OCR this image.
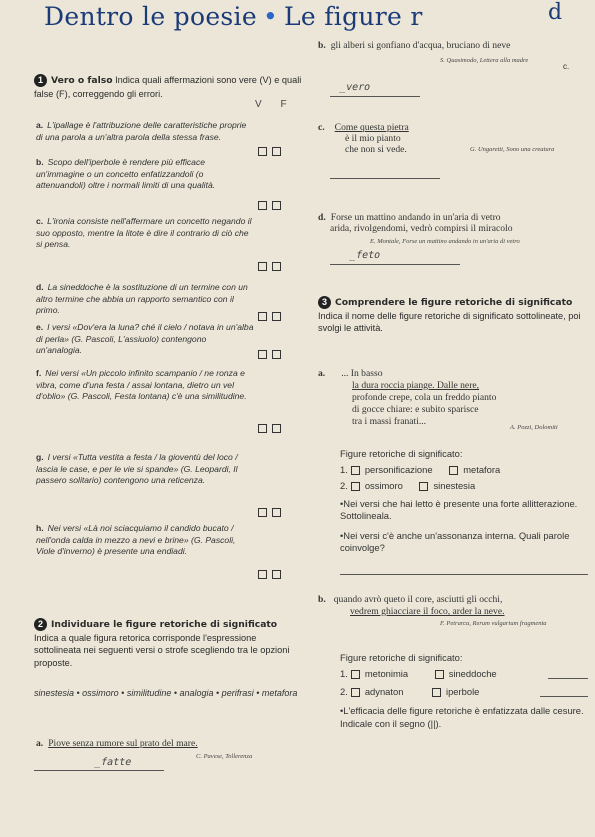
Dentro le poesie • Le figure r	d
1 Vero o falso Indica quali affermazioni sono vere (V) e quali false (F), correggendo gli errori.
V F
a. L'ipallage è l'attribuzione delle caratteristiche proprie di una parola a un'altra parola della stessa frase.
b. Scopo dell'iperbole è rendere più efficace un'immagine o un concetto enfatizzandoli (o attenuandoli) oltre i normali limiti di una qualità.
c. L'ironia consiste nell'affermare un concetto negando il suo opposto, mentre la litote è dire il contrario di ciò che si pensa.
d. La sineddoche è la sostituzione di un termine con un altro termine che abbia un rapporto semantico con il primo.
e. I versi «Dov'era la luna? ché il cielo / notava in un'alba di perla» (G. Pascoli, L'assiuolo) contengono un'analogia.
f. Nei versi «Un piccolo infinito scampanio / ne ronza e vibra, come d'una festa / assai lontana, dietro un vel d'oblio» (G. Pascoli, Festa lontana) c'è una similitudine.
g. I versi «Tutta vestita a festa / la gioventù del loco / lascia le case, e per le vie si spande» (G. Leopardi, Il passero solitario) contengono una reticenza.
h. Nei versi «Là noi sciacquiamo il candido bucato / nell'onda calda in mezzo a nevi e brine» (G. Pascoli, Viole d'inverno) è presente una endiadi.
2 Individuare le figure retoriche di significato Indica a quale figura retorica corrisponde l'espressione sottolineata nei seguenti versi o strofe scegliendo tra le opzioni proposte.
sinestesia • ossimoro • similitudine • analogia • perifrasi • metafora
a. Piove senza rumore sul prato del mare.
C. Pavese, Tollerenza
_fatte
b. gli alberi si gonfiano d'acqua, bruciano di neve
S. Quasimodo, Lettera alla madre
c.
_vero
c. Come questa pietra
è il mio pianto
che non si vede.	G. Ungaretti, Sono una creatura
d. Forse un mattino andando in un'aria di vetro
arida, rivolgendomi, vedrò compirsi il miracolo
E. Montale, Forse un mattino andando in un'aria di vetro
_feto
3 Comprendere le figure retoriche di significato Indica il nome delle figure retoriche di significato sottolineate, poi svolgi le attività.
a. ... In basso
la dura roccia piange. Dalle nere,
profonde crepe, cola un freddo pianto
di gocce chiare: e subito sparisce
tra i massi franati...
A. Pozzi, Dolomiti
Figure retoriche di significato:
1. personificazione	metafora
2. ossimoro	sinestesia
• Nei versi che hai letto è presente una forte allitterazione. Sottolineala.
• Nei versi c'è anche un'assonanza interna. Quali parole coinvolge?
b. quando avrò queto il core, asciutti gli occhi,
vedrem ghiacciare il foco, arder la neve.
F. Petrarca, Rerum vulgarium fragmenta
Figure retoriche di significato:
1. metonimia	sineddoche
2. adynaton	iperbole
• L'efficacia delle figure retoriche è enfatizzata dalle cesure. Indicale con il segno (||).
